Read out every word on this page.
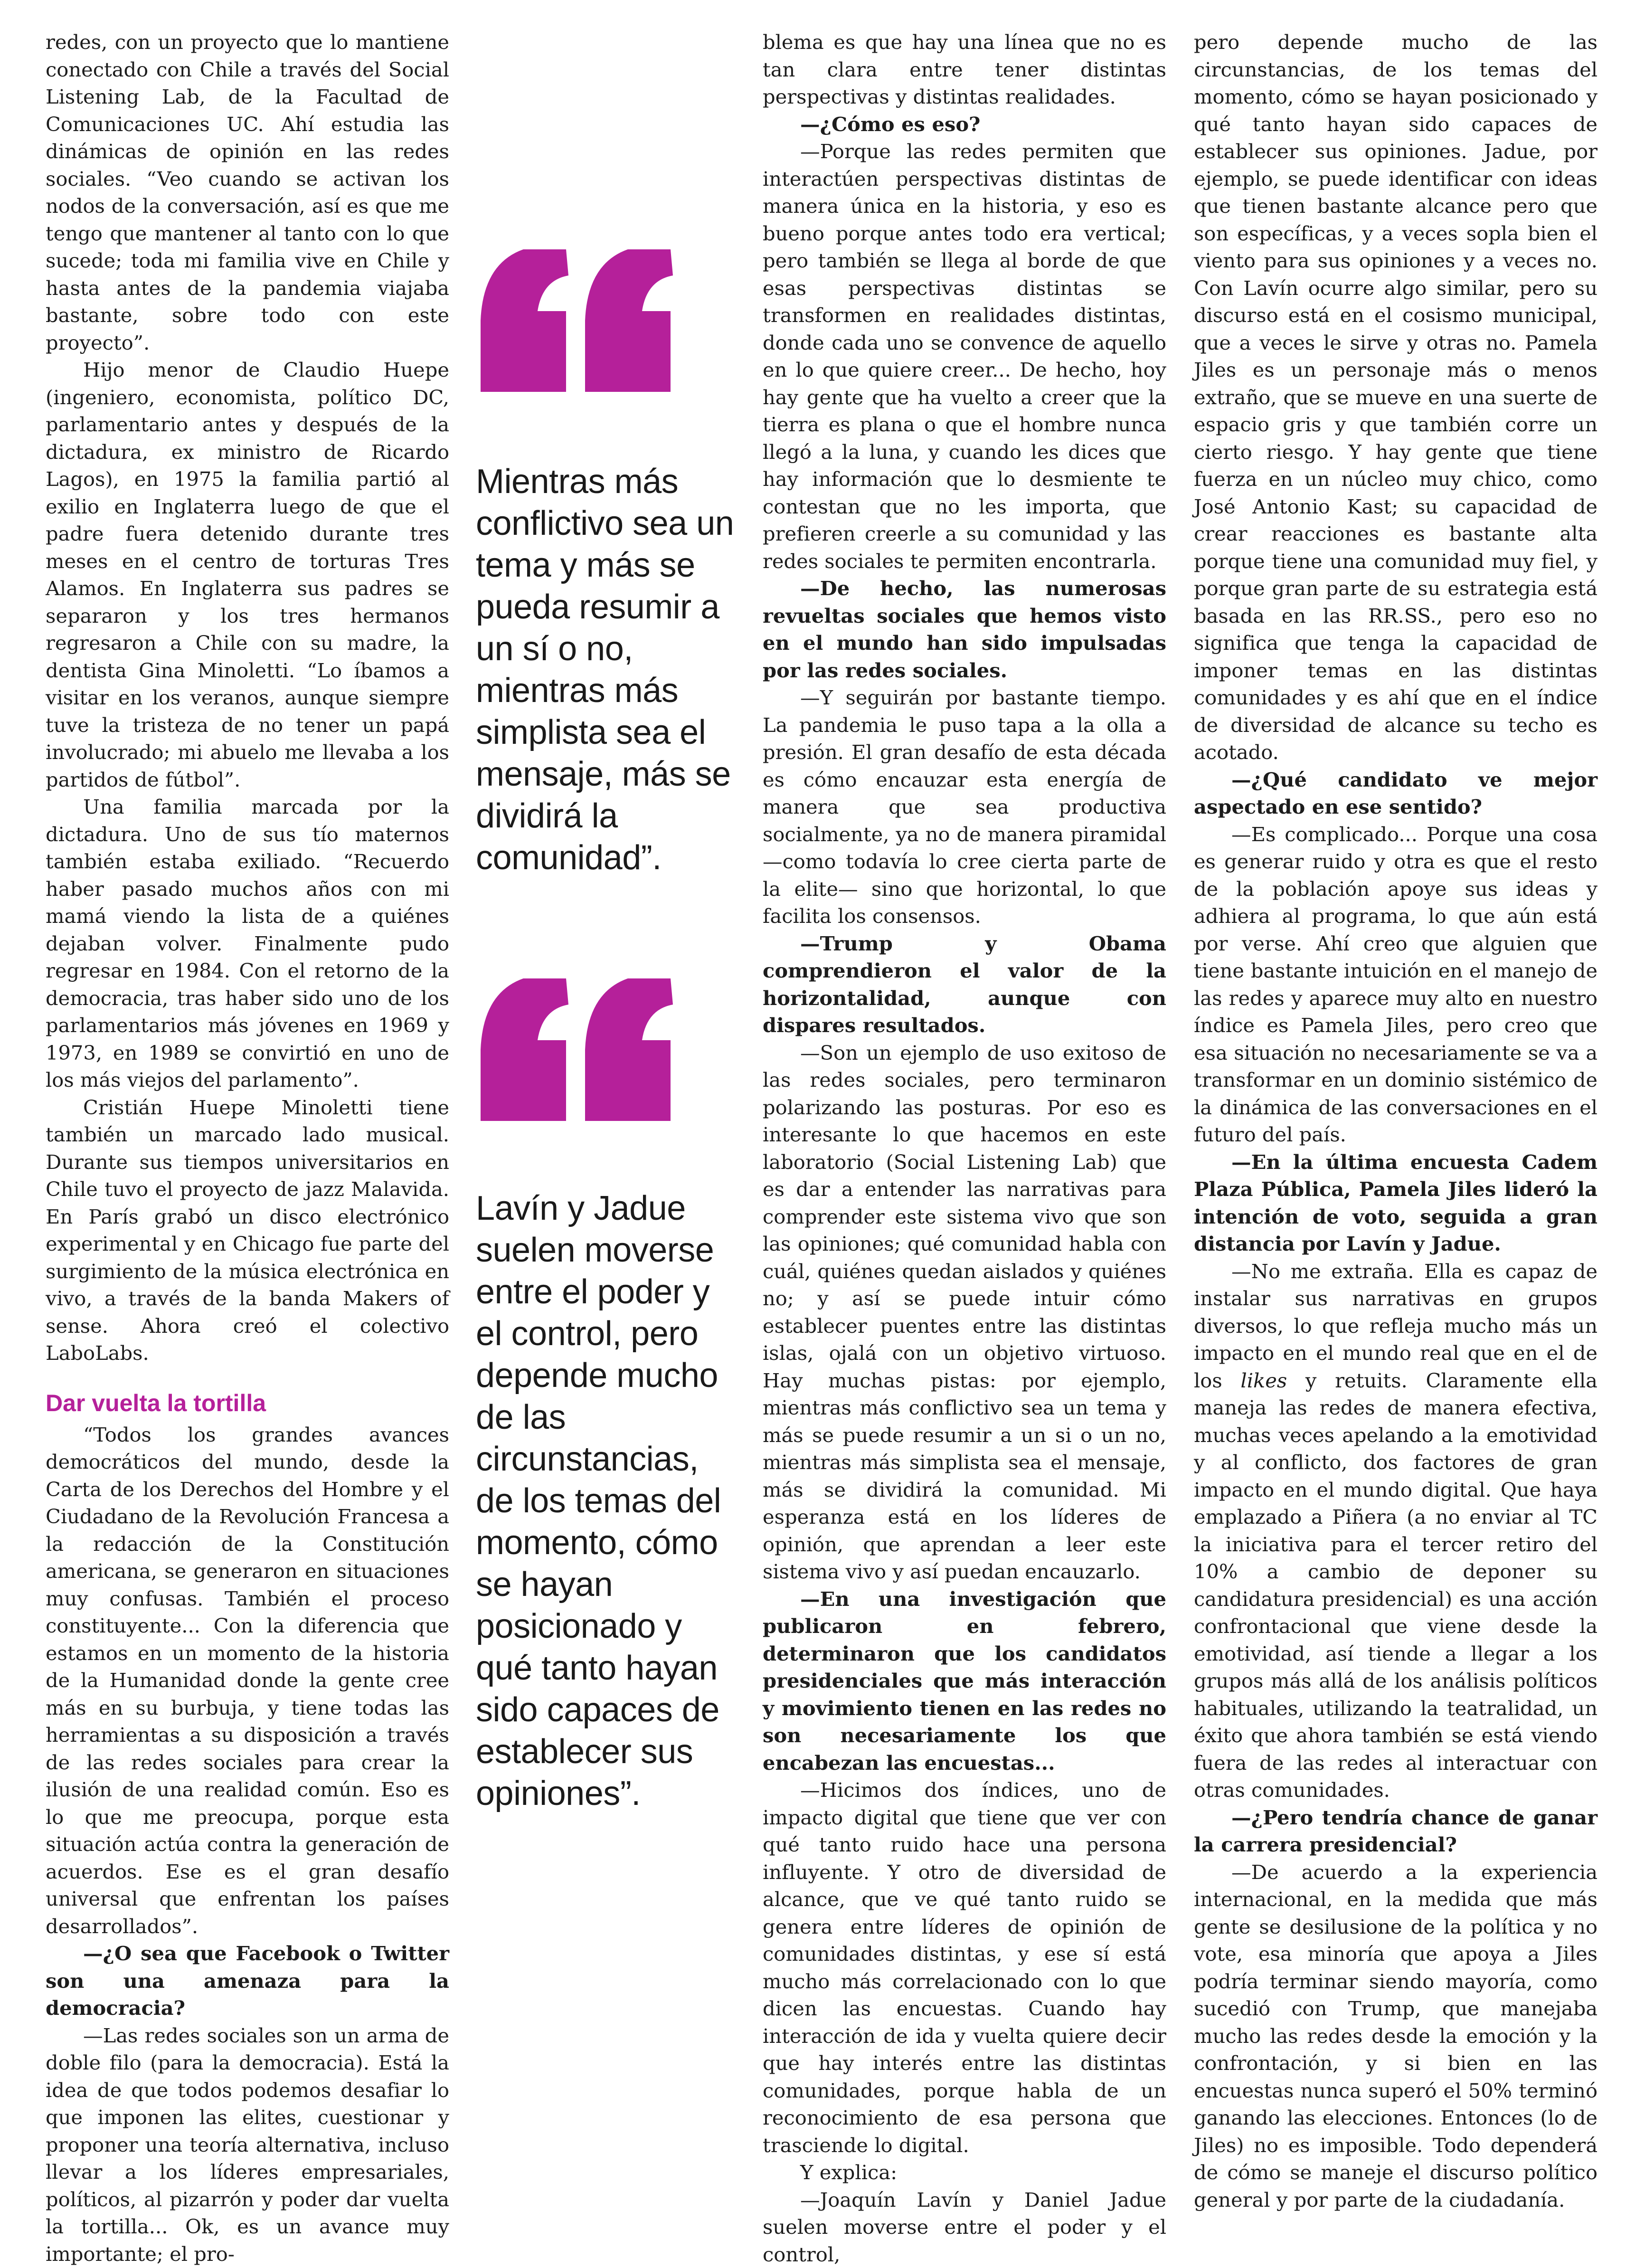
redes, con un proyecto que lo mantiene conectado con Chile a través del Social Listening Lab, de la Facultad de Comunicaciones UC. Ahí estudia las dinámicas de opinión en las redes sociales. “Veo cuando se activan los nodos de la conversación, así es que me tengo que mantener al tanto con lo que sucede; toda mi familia vive en Chile y hasta antes de la pandemia viajaba bastante, sobre todo con este proyecto”.

Hijo menor de Claudio Huepe (ingeniero, economista, político DC, parlamentario antes y después de la dictadura, ex ministro de Ricardo Lagos), en 1975 la familia partió al exilio en Inglaterra luego de que el padre fuera detenido durante tres meses en el centro de torturas Tres Alamos. En Inglaterra sus padres se separaron y los tres hermanos regresaron a Chile con su madre, la dentista Gina Minoletti. “Lo íbamos a visitar en los veranos, aunque siempre tuve la tristeza de no tener un papá involucrado; mi abuelo me llevaba a los partidos de fútbol”.

Una familia marcada por la dictadura. Uno de sus tío maternos también estaba exiliado. “Recuerdo haber pasado muchos años con mi mamá viendo la lista de a quiénes dejaban volver. Finalmente pudo regresar en 1984. Con el retorno de la democracia, tras haber sido uno de los parlamentarios más jóvenes en 1969 y 1973, en 1989 se convirtió en uno de los más viejos del parlamento”.

Cristián Huepe Minoletti tiene también un marcado lado musical. Durante sus tiempos universitarios en Chile tuvo el proyecto de jazz Malavida. En París grabó un disco electrónico experimental y en Chicago fue parte del surgimiento de la música electrónica en vivo, a través de la banda Makers of sense. Ahora creó el colectivo LaboLabs.

Dar vuelta la tortilla

“Todos los grandes avances democráticos del mundo, desde la Carta de los Derechos del Hombre y el Ciudadano de la Revolución Francesa a la redacción de la Constitución americana, se generaron en situaciones muy confusas. También el proceso constituyente... Con la diferencia que estamos en un momento de la historia de la Humanidad donde la gente cree más en su burbuja, y tiene todas las herramientas a su disposición a través de las redes sociales para crear la ilusión de una realidad común. Eso es lo que me preocupa, porque esta situación actúa contra la generación de acuerdos. Ese es el gran desafío universal que enfrentan los países desarrollados”.

—¿O sea que Facebook o Twitter son una amenaza para la democracia?

—Las redes sociales son un arma de doble filo (para la democracia). Está la idea de que todos podemos desafiar lo que imponen las elites, cuestionar y proponer una teoría alternativa, incluso llevar a los líderes empresariales, políticos, al pizarrón y poder dar vuelta la tortilla... Ok, es un avance muy importante; el pro-

Mientras más conflictivo sea un tema y más se pueda resumir a un sí o no, mientras más simplista sea el mensaje, más se dividirá la comunidad”.

Lavín y Jadue suelen moverse entre el poder y el control, pero depende mucho de las circunstancias, de los temas del momento, cómo se hayan posicionado y qué tanto hayan sido capaces de establecer sus opiniones”.

blema es que hay una línea que no es tan clara entre tener distintas perspectivas y distintas realidades.

—¿Cómo es eso?

—Porque las redes permiten que interactúen perspectivas distintas de manera única en la historia, y eso es bueno porque antes todo era vertical; pero también se llega al borde de que esas perspectivas distintas se transformen en realidades distintas, donde cada uno se convence de aquello en lo que quiere creer... De hecho, hoy hay gente que ha vuelto a creer que la tierra es plana o que el hombre nunca llegó a la luna, y cuando les dices que hay información que lo desmiente te contestan que no les importa, que prefieren creerle a su comunidad y las redes sociales te permiten encontrarla.

—De hecho, las numerosas revueltas sociales que hemos visto en el mundo han sido impulsadas por las redes sociales.

—Y seguirán por bastante tiempo. La pandemia le puso tapa a la olla a presión. El gran desafío de esta década es cómo encauzar esta energía de manera que sea productiva socialmente, ya no de manera piramidal —como todavía lo cree cierta parte de la elite— sino que horizontal, lo que facilita los consensos.

—Trump y Obama comprendieron el valor de la horizontalidad, aunque con dispares resultados.

—Son un ejemplo de uso exitoso de las redes sociales, pero terminaron polarizando las posturas. Por eso es interesante lo que hacemos en este laboratorio (Social Listening Lab) que es dar a entender las narrativas para comprender este sistema vivo que son las opiniones; qué comunidad habla con cuál, quiénes quedan aislados y quiénes no; y así se puede intuir cómo establecer puentes entre las distintas islas, ojalá con un objetivo virtuoso. Hay muchas pistas: por ejemplo, mientras más conflictivo sea un tema y más se puede resumir a un si o un no, mientras más simplista sea el mensaje, más se dividirá la comunidad. Mi esperanza está en los líderes de opinión, que aprendan a leer este sistema vivo y así puedan encauzarlo.

—En una investigación que publicaron en febrero, determinaron que los candidatos presidenciales que más interacción y movimiento tienen en las redes no son necesariamente los que encabezan las encuestas...

—Hicimos dos índices, uno de impacto digital que tiene que ver con qué tanto ruido hace una persona influyente. Y otro de diversidad de alcance, que ve qué tanto ruido se genera entre líderes de opinión de comunidades distintas, y ese sí está mucho más correlacionado con lo que dicen las encuestas. Cuando hay interacción de ida y vuelta quiere decir que hay interés entre las distintas comunidades, porque habla de un reconocimiento de esa persona que trasciende lo digital.

Y explica:

—Joaquín Lavín y Daniel Jadue suelen moverse entre el poder y el control,

pero depende mucho de las circunstancias, de los temas del momento, cómo se hayan posicionado y qué tanto hayan sido capaces de establecer sus opiniones. Jadue, por ejemplo, se puede identificar con ideas que tienen bastante alcance pero que son específicas, y a veces sopla bien el viento para sus opiniones y a veces no. Con Lavín ocurre algo similar, pero su discurso está en el cosismo municipal, que a veces le sirve y otras no. Pamela Jiles es un personaje más o menos extraño, que se mueve en una suerte de espacio gris y que también corre un cierto riesgo. Y hay gente que tiene fuerza en un núcleo muy chico, como José Antonio Kast; su capacidad de crear reacciones es bastante alta porque tiene una comunidad muy fiel, y porque gran parte de su estrategia está basada en las RR.SS., pero eso no significa que tenga la capacidad de imponer temas en las distintas comunidades y es ahí que en el índice de diversidad de alcance su techo es acotado.

—¿Qué candidato ve mejor aspectado en ese sentido?

—Es complicado... Porque una cosa es generar ruido y otra es que el resto de la población apoye sus ideas y adhiera al programa, lo que aún está por verse. Ahí creo que alguien que tiene bastante intuición en el manejo de las redes y aparece muy alto en nuestro índice es Pamela Jiles, pero creo que esa situación no necesariamente se va a transformar en un dominio sistémico de la dinámica de las conversaciones en el futuro del país.

—En la última encuesta Cadem Plaza Pública, Pamela Jiles lideró la intención de voto, seguida a gran distancia por Lavín y Jadue.

—No me extraña. Ella es capaz de instalar sus narrativas en grupos diversos, lo que refleja mucho más un impacto en el mundo real que en el de los likes y retuits. Claramente ella maneja las redes de manera efectiva, muchas veces apelando a la emotividad y al conflicto, dos factores de gran impacto en el mundo digital. Que haya emplazado a Piñera (a no enviar al TC la iniciativa para el tercer retiro del 10% a cambio de deponer su candidatura presidencial) es una acción confrontacional que viene desde la emotividad, así tiende a llegar a los grupos más allá de los análisis políticos habituales, utilizando la teatralidad, un éxito que ahora también se está viendo fuera de las redes al interactuar con otras comunidades.

—¿Pero tendría chance de ganar la carrera presidencial?

—De acuerdo a la experiencia internacional, en la medida que más gente se desilusione de la política y no vote, esa minoría que apoya a Jiles podría terminar siendo mayoría, como sucedió con Trump, que manejaba mucho las redes desde la emoción y la confrontación, y si bien en las encuestas nunca superó el 50% terminó ganando las elecciones. Entonces (lo de Jiles) no es imposible. Todo dependerá de cómo se maneje el discurso político general y por parte de la ciudadanía.
